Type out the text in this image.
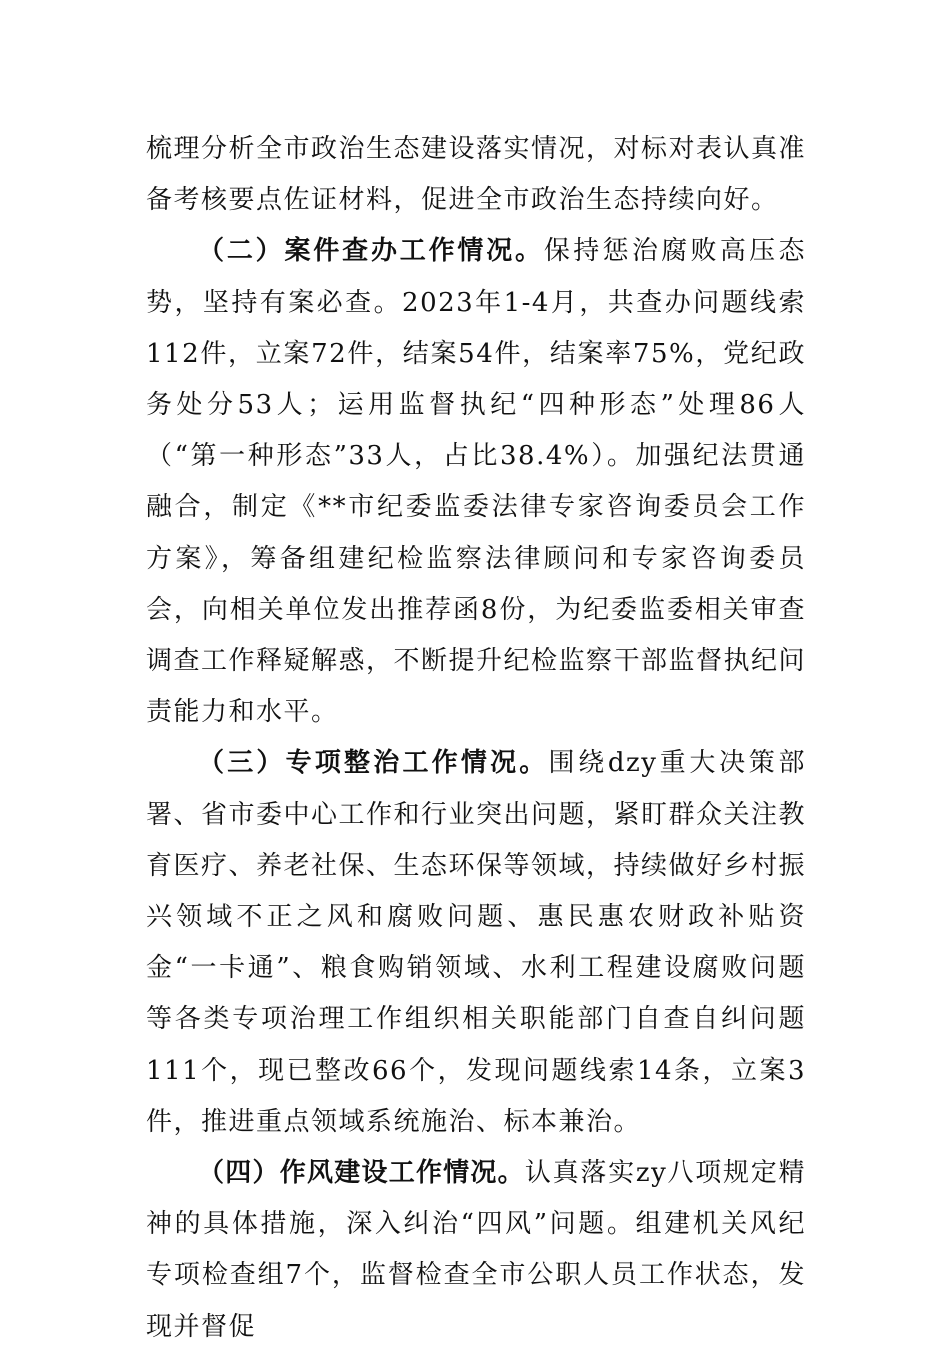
梳理分析全市政治生态建设落实情况，对标对表认真准备考核要点佐证材料，促进全市政治生态持续向好。

（二）案件查办工作情况。保持惩治腐败高压态势，坚持有案必查。2023年1-4月，共查办问题线索112件，立案72件，结案54件，结案率75%，党纪政务处分53人；运用监督执纪“四种形态”处理86人（“第一种形态”33人，占比38.4%）。加强纪法贯通融合，制定《**市纪委监委法律专家咨询委员会工作方案》，筹备组建纪检监察法律顾问和专家咨询委员会，向相关单位发出推荐函8份，为纪委监委相关审查调查工作释疑解惑，不断提升纪检监察干部监督执纪问责能力和水平。

（三）专项整治工作情况。围绕dzy重大决策部署、省市委中心工作和行业突出问题，紧盯群众关注教育医疗、养老社保、生态环保等领域，持续做好乡村振兴领域不正之风和腐败问题、惠民惠农财政补贴资金“一卡通”、粮食购销领域、水利工程建设腐败问题等各类专项治理工作组织相关职能部门自查自纠问题111个，现已整改66个，发现问题线索14条，立案3件，推进重点领域系统施治、标本兼治。

（四）作风建设工作情况。认真落实zy八项规定精神的具体措施，深入纠治“四风”问题。组建机关风纪专项检查组7个，监督检查全市公职人员工作状态，发现并督促
